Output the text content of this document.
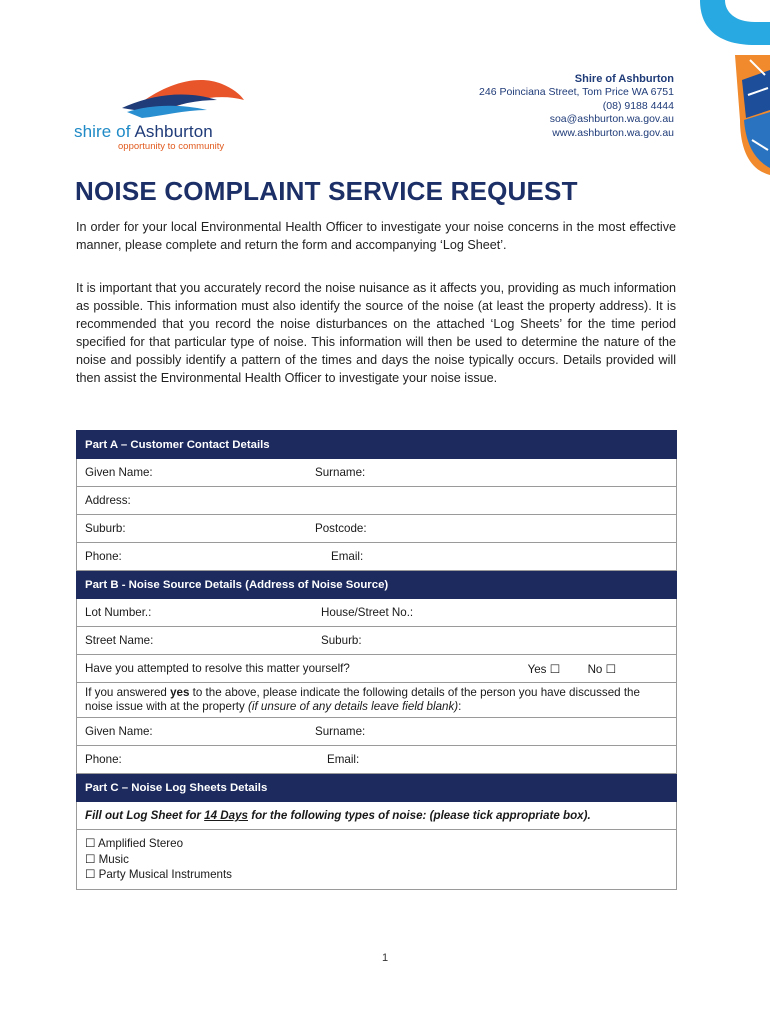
shire of Ashburton
opportunity to community
Shire of Ashburton
246 Poinciana Street, Tom Price WA 6751
(08) 9188 4444
soa@ashburton.wa.gov.au
www.ashburton.wa.gov.au
NOISE COMPLAINT SERVICE REQUEST

In order for your local Environmental Health Officer to investigate your noise concerns in the most effective manner, please complete and return the form and accompanying ‘Log Sheet’.

It is important that you accurately record the noise nuisance as it affects you, providing as much information as possible. This information must also identify the source of the noise (at least the property address). It is recommended that you record the noise disturbances on the attached ‘Log Sheets’ for the time period specified for that particular type of noise. This information will then be used to determine the nature of the noise and possibly identify a pattern of the times and days the noise typically occurs. Details provided will then assist the Environmental Health Officer to investigate your noise issue.

Part A – Customer Contact Details
Given Name:	Surname:
Address:
Suburb:	Postcode:
Phone:	Email:
Part B - Noise Source Details (Address of Noise Source)
Lot Number.:	House/Street No.:
Street Name:	Suburb:
Have you attempted to resolve this matter yourself?	Yes ☐ No ☐

If you answered yes to the above, please indicate the following details of the person you have discussed the noise issue with at the property (if unsure of any details leave field blank):
Given Name:	Surname:
Phone:	Email:
Part C – Noise Log Sheets Details
Fill out Log Sheet for 14 Days for the following types of noise: (please tick appropriate box).

☐ Amplified Stereo
☐ Music
☐ Party Musical Instruments
1
